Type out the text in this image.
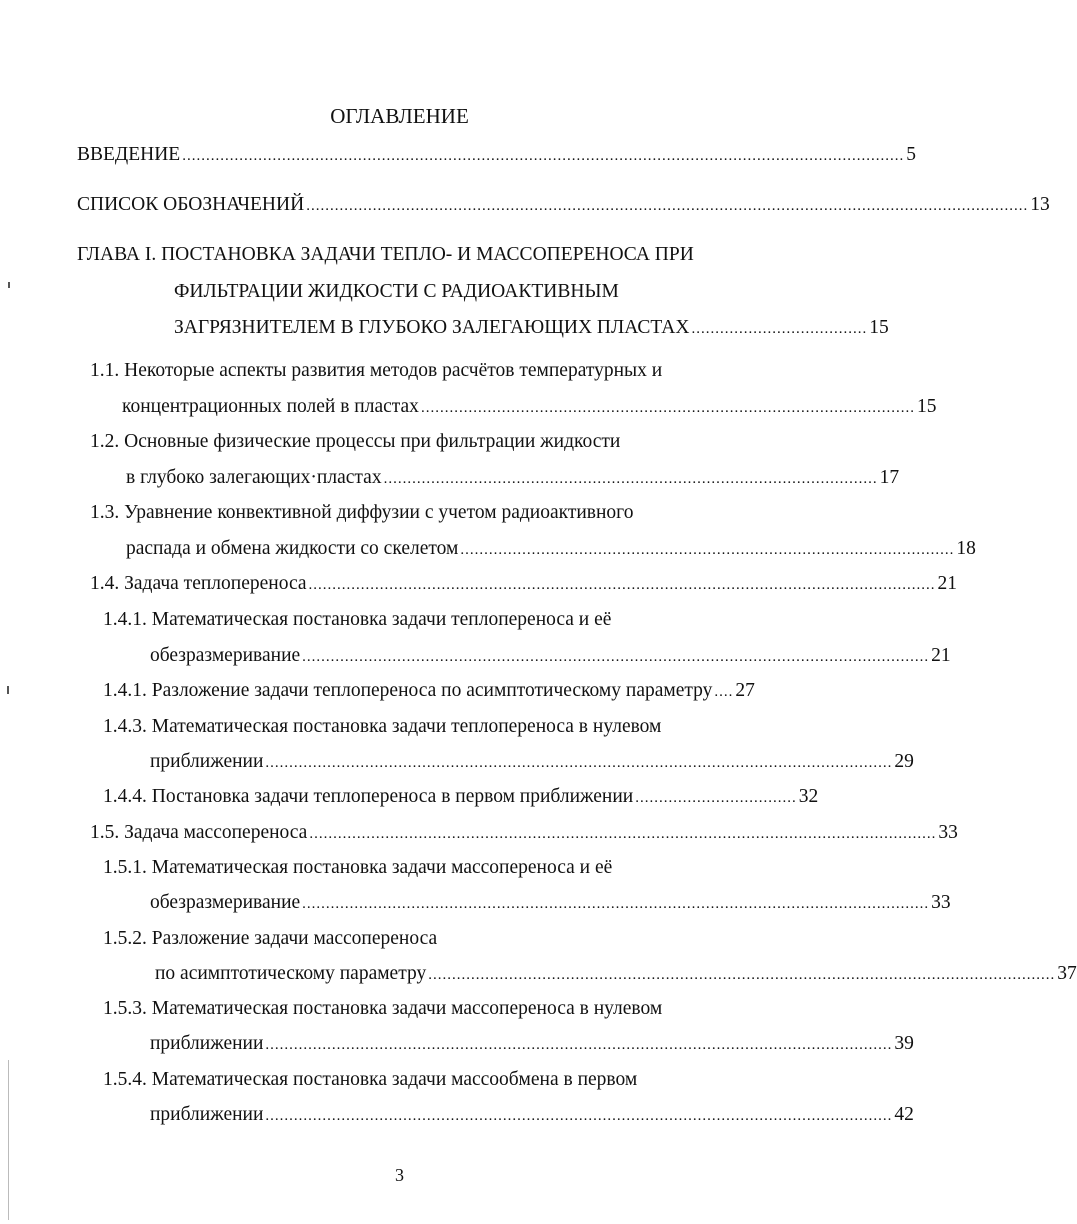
ОГЛАВЛЕНИЕ
ВВЕДЕНИЕ ........................................................................................................................................................ 5
СПИСОК ОБОЗНАЧЕНИЙ ........................................................................................................................................................ 13
ГЛАВА I. ПОСТАНОВКА ЗАДАЧИ ТЕПЛО- И МАССОПЕРЕНОСА ПРИ
ФИЛЬТРАЦИИ ЖИДКОСТИ С РАДИОАКТИВНЫМ
ЗАГРЯЗНИТЕЛЕМ В ГЛУБОКО ЗАЛЕГАЮЩИХ ПЛАСТАХ ..................................... 15
1.1. Некоторые аспекты развития методов расчётов температурных и
концентрационных полей в пластах ........................................................................................................ 15
1.2. Основные физические процессы при фильтрации жидкости
в глубоко залегающих·пластах ........................................................................................................ 17
1.3. Уравнение конвективной диффузии с учетом радиоактивного
распада и обмена жидкости со скелетом ........................................................................................................ 18
1.4. Задача теплопереноса .................................................................................................................................... 21
1.4.1. Математическая постановка задачи теплопереноса и её
обезразмеривание .................................................................................................................................... 21
1.4.1. Разложение задачи теплопереноса по асимптотическому параметру .... 27
1.4.3. Математическая постановка задачи теплопереноса в нулевом
приближении .................................................................................................................................... 29
1.4.4. Постановка задачи теплопереноса в первом приближении .................................. 32
1.5. Задача массопереноса .................................................................................................................................... 33
1.5.1. Математическая постановка задачи массопереноса и её
обезразмеривание .................................................................................................................................... 33
1.5.2. Разложение задачи массопереноса
по асимптотическому параметру .................................................................................................................................... 37
1.5.3. Математическая постановка задачи массопереноса в нулевом
приближении .................................................................................................................................... 39
1.5.4. Математическая постановка задачи массообмена в первом
приближении .................................................................................................................................... 42
3
